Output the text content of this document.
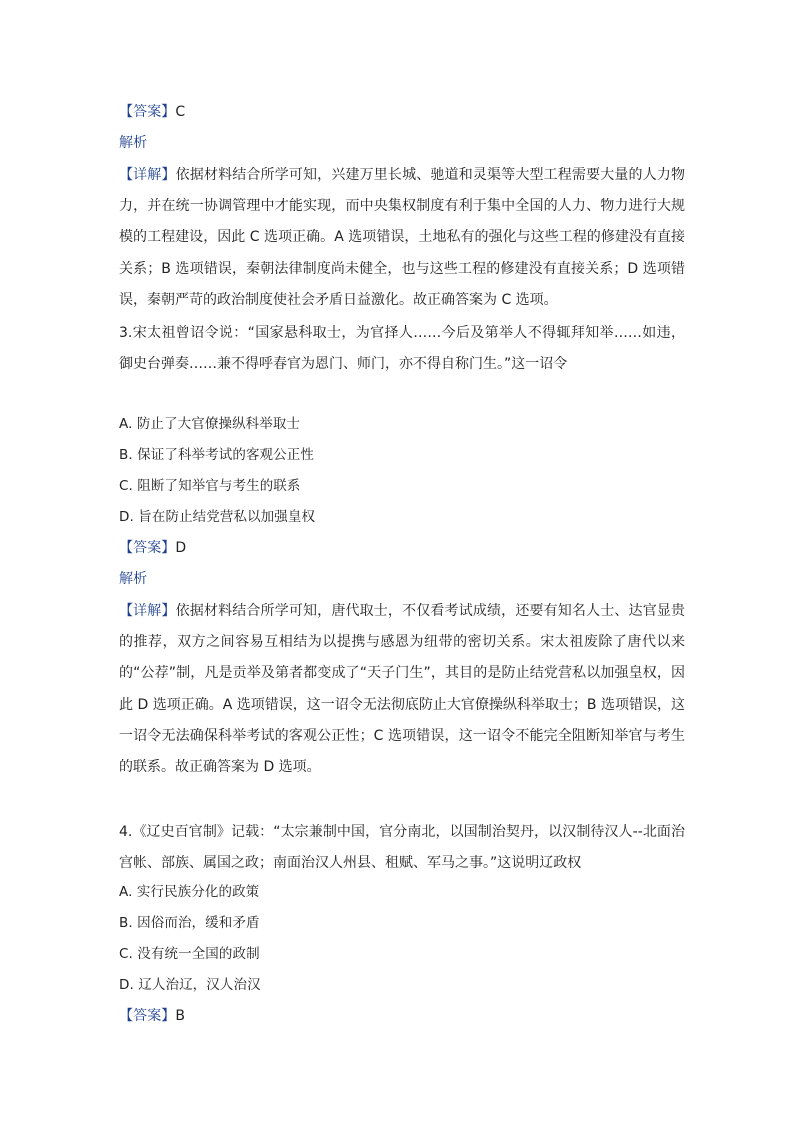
【答案】C
解析
【详解】依据材料结合所学可知，兴建万里长城、驰道和灵渠等大型工程需要大量的人力物力，并在统一协调管理中才能实现，而中央集权制度有利于集中全国的人力、物力进行大规模的工程建设，因此 C 选项正确。A 选项错误，土地私有的强化与这些工程的修建没有直接关系；B 选项错误，秦朝法律制度尚未健全，也与这些工程的修建没有直接关系；D 选项错误，秦朝严苛的政治制度使社会矛盾日益激化。故正确答案为 C 选项。
3.宋太祖曾诏令说：“国家悬科取士，为官择人……今后及第举人不得辄拜知举……如违，御史台弹奏……兼不得呼春官为恩门、师门，亦不得自称门生。”这一诏令
A. 防止了大官僚操纵科举取士
B. 保证了科举考试的客观公正性
C. 阻断了知举官与考生的联系
D. 旨在防止结党营私以加强皇权
【答案】D
解析
【详解】依据材料结合所学可知，唐代取士，不仅看考试成绩，还要有知名人士、达官显贵的推荐，双方之间容易互相结为以提携与感恩为纽带的密切关系。宋太祖废除了唐代以来的“公荐”制，凡是贡举及第者都变成了“天子门生”，其目的是防止结党营私以加强皇权，因此 D 选项正确。A 选项错误，这一诏令无法彻底防止大官僚操纵科举取士；B 选项错误，这一诏令无法确保科举考试的客观公正性；C 选项错误，这一诏令不能完全阻断知举官与考生的联系。故正确答案为 D 选项。
4.《辽史百官制》记载：“太宗兼制中国，官分南北，以国制治契丹，以汉制待汉人--北面治宫帐、部族、属国之政；南面治汉人州县、租赋、军马之事。”这说明辽政权
A. 实行民族分化的政策
B. 因俗而治，缓和矛盾
C. 没有统一全国的政制
D. 辽人治辽，汉人治汉
【答案】B
